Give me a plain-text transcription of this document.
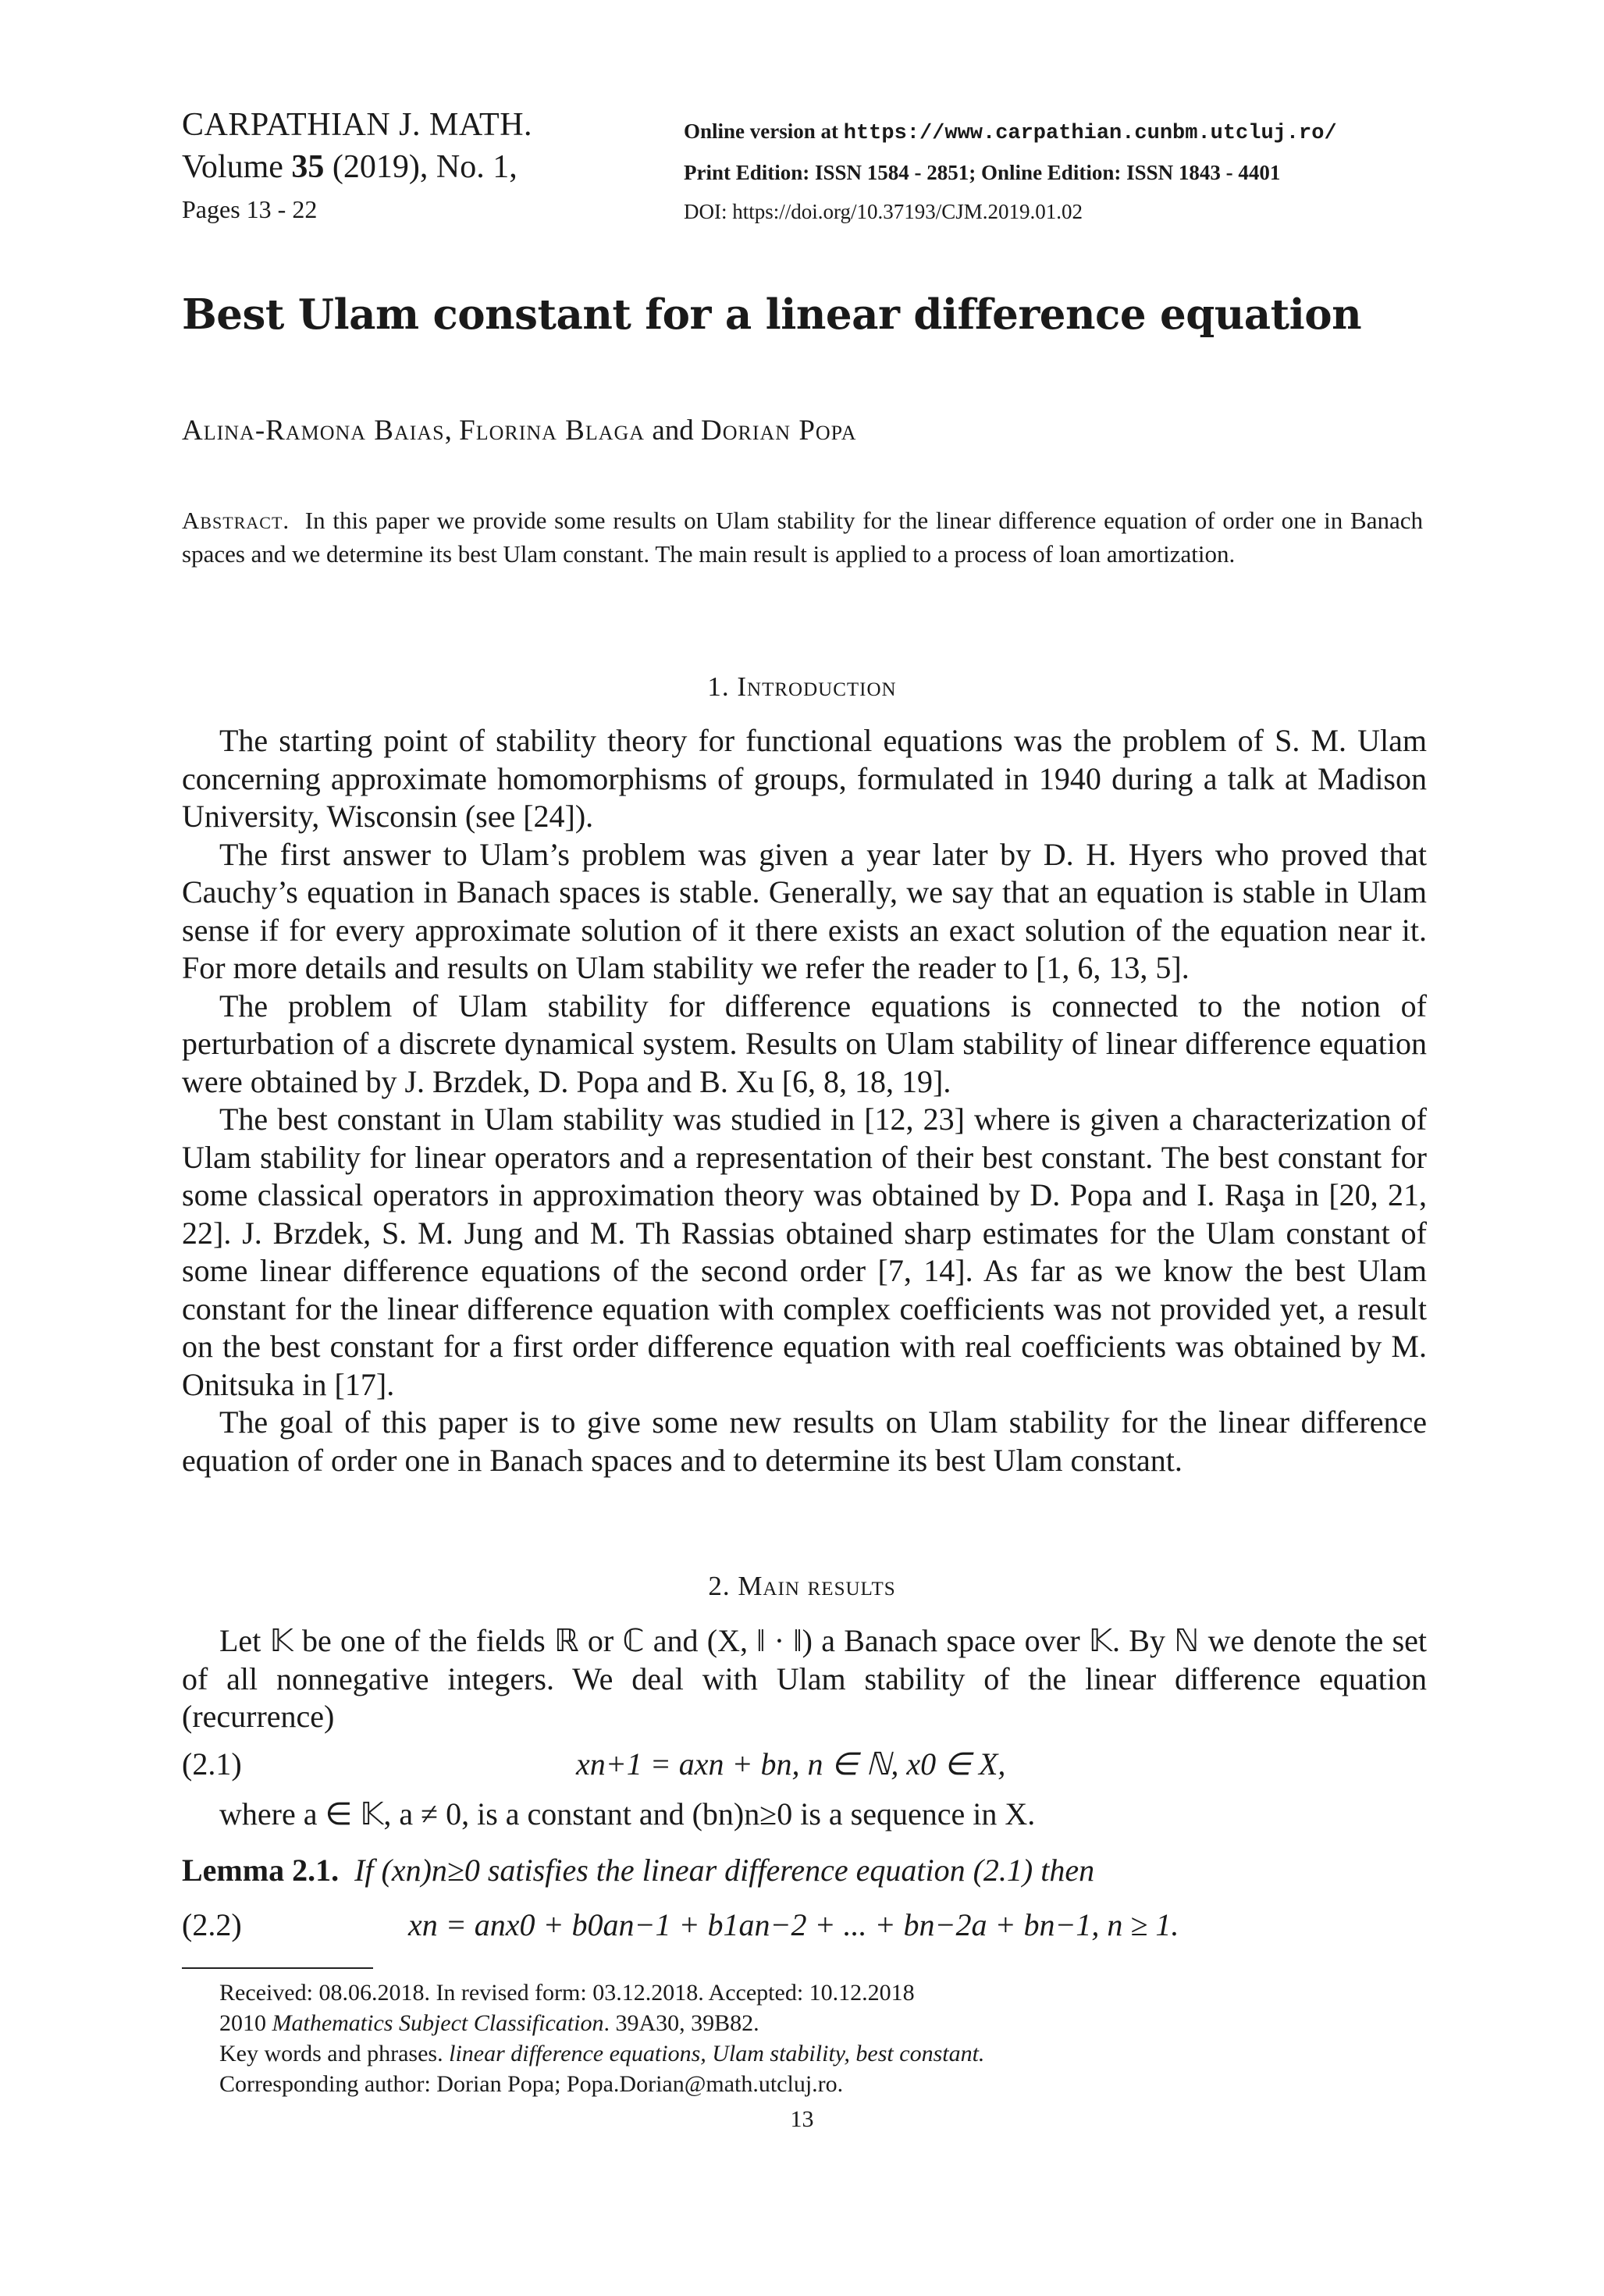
CARPATHIAN J. MATH.
Volume 35 (2019), No. 1,
Pages 13 - 22
Online version at https://www.carpathian.cunbm.utcluj.ro/
Print Edition: ISSN 1584 - 2851; Online Edition: ISSN 1843 - 4401
DOI: https://doi.org/10.37193/CJM.2019.01.02
Best Ulam constant for a linear difference equation
Alina-Ramona Baias, Florina Blaga and Dorian Popa
Abstract. In this paper we provide some results on Ulam stability for the linear difference equation of order one in Banach spaces and we determine its best Ulam constant. The main result is applied to a process of loan amortization.
1. Introduction

The starting point of stability theory for functional equations was the problem of S. M. Ulam concerning approximate homomorphisms of groups, formulated in 1940 during a talk at Madison University, Wisconsin (see [24]).

The first answer to Ulam’s problem was given a year later by D. H. Hyers who proved that Cauchy’s equation in Banach spaces is stable. Generally, we say that an equation is stable in Ulam sense if for every approximate solution of it there exists an exact solution of the equation near it. For more details and results on Ulam stability we refer the reader to [1, 6, 13, 5].

The problem of Ulam stability for difference equations is connected to the notion of perturbation of a discrete dynamical system. Results on Ulam stability of linear difference equation were obtained by J. Brzdek, D. Popa and B. Xu [6, 8, 18, 19].

The best constant in Ulam stability was studied in [12, 23] where is given a characterization of Ulam stability for linear operators and a representation of their best constant. The best constant for some classical operators in approximation theory was obtained by D. Popa and I. Raşa in [20, 21, 22]. J. Brzdek, S. M. Jung and M. Th Rassias obtained sharp estimates for the Ulam constant of some linear difference equations of the second order [7, 14]. As far as we know the best Ulam constant for the linear difference equation with complex coefficients was not provided yet, a result on the best constant for a first order difference equation with real coefficients was obtained by M. Onitsuka in [17].

The goal of this paper is to give some new results on Ulam stability for the linear difference equation of order one in Banach spaces and to determine its best Ulam constant.

2. Main results

Let 𝕂 be one of the fields ℝ or ℂ and (X, ‖ · ‖) a Banach space over 𝕂. By ℕ we denote the set of all nonnegative integers. We deal with Ulam stability of the linear difference equation (recurrence)

(2.1)	xn+1 = axn + bn, n ∈ ℕ, x0 ∈ X,
where a ∈ 𝕂, a ≠ 0, is a constant and (bn)n≥0 is a sequence in X.
Lemma 2.1. If (xn)n≥0 satisfies the linear difference equation (2.1) then
(2.2)	xn = anx0 + b0an−1 + b1an−2 + ... + bn−2a + bn−1, n ≥ 1.
Received: 08.06.2018. In revised form: 03.12.2018. Accepted: 10.12.2018
2010 Mathematics Subject Classification. 39A30, 39B82.
Key words and phrases. linear difference equations, Ulam stability, best constant.
Corresponding author: Dorian Popa; Popa.Dorian@math.utcluj.ro.
13
